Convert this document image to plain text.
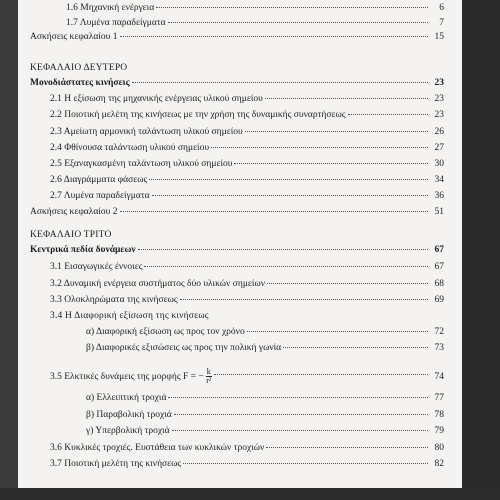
1.6 Μηχανική ενέργεια	6
1.7 Λυμένα παραδείγματα	7
Ασκήσεις κεφαλαίου 1	15
ΚΕΦΑΛΑΙΟ ΔΕΥΤΕΡΟ
Μονοδιάστατες κινήσεις	23
2.1 Η εξίσωση της μηχανικής ενέργειας υλικού σημείου	23
2.2 Ποιοτική μελέτη της κινήσεως με την χρήση της δυναμικής συναρτήσεως	23
2.3 Αμείωτη αρμονική ταλάντωση υλικού σημείου	26
2.4 Φθίνουσα ταλάντωση υλικού σημείου	27
2.5 Εξαναγκασμένη ταλάντωση υλικού σημείου	30
2.6 Διαγράμματα φάσεως	34
2.7 Λυμένα παραδείγματα	36
Ασκήσεις κεφαλαίου 2	51
ΚΕΦΑΛΑΙΟ ΤΡΙΤΟ
Κεντρικά πεδία δυνάμεων	67
3.1 Εισαγωγικές έννοιες	67
3.2 Δυναμική ενέργεια συστήματος δύο υλικών σημείων	68
3.3 Ολοκληρώματα της κινήσεως	69
3.4 Η Διαφορική εξίσωση της κινήσεως
α) Διαφορική εξίσωση ως προς τον χρόνο	72
β) Διαφορικές εξισώσεις ως προς την πολική γωνία	73
3.5 Ελκτικές δυνάμεις της μορφής F = − $\frac{k}{\text{r²}}$	74
α) Ελλειπτική τροχιά	77
β) Παραβολική τροχιά	78
γ) Υπερβολική τροχιά	79
3.6 Κυκλικές τροχιές. Ευστάθεια των κυκλικών τροχιών	80
3.7 Ποιοτική μελέτη της κινήσεως	82
